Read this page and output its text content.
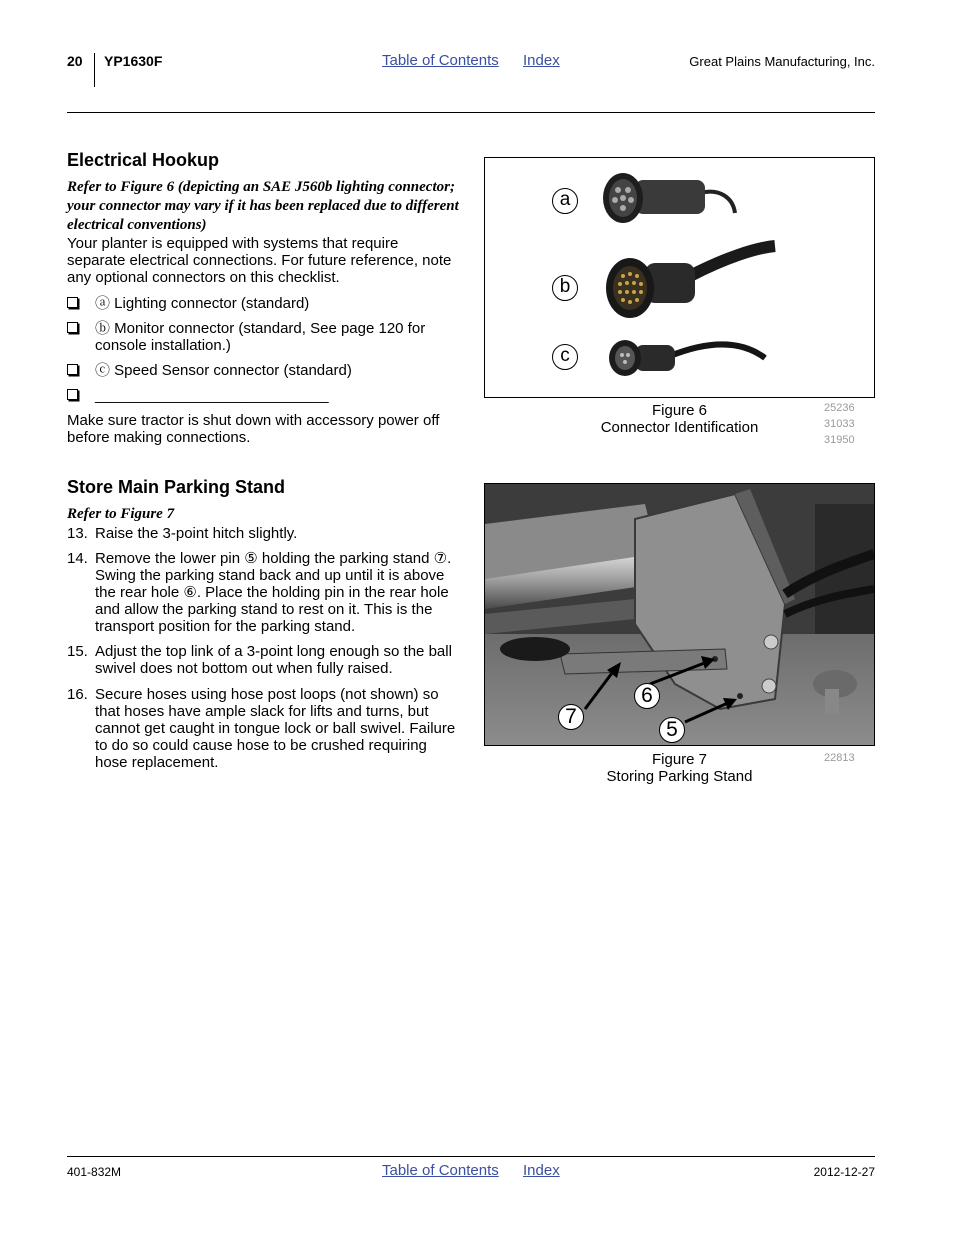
20 YP1630F	Table of Contents Index	Great Plains Manufacturing, Inc.
Electrical Hookup
Refer to Figure 6 (depicting an SAE J560b lighting connector; your connector may vary if it has been replaced due to different electrical conventions)
Your planter is equipped with systems that require separate electrical connections. For future reference, note any optional connectors on this checklist.
ⓐ Lighting connector (standard)
ⓑ Monitor connector (standard, See page 120 for console installation.)
ⓒ Speed Sensor connector (standard)
____________________________
Make sure tractor is shut down with accessory power off before making connections.
a
b
c
Figure 6
Connector Identification
25236
31033
31950
Store Main Parking Stand
Refer to Figure 7
13. Raise the 3-point hitch slightly.
14. Remove the lower pin ⑤ holding the parking stand ⑦. Swing the parking stand back and up until it is above the rear hole ⑥. Place the holding pin in the rear hole and allow the parking stand to rest on it. This is the transport position for the parking stand.
15. Adjust the top link of a 3-point long enough so the ball swivel does not bottom out when fully raised.
16. Secure hoses using hose post loops (not shown) so that hoses have ample slack for lifts and turns, but cannot get caught in tongue lock or ball swivel. Failure to do so could cause hose to be crushed requiring hose replacement.
6
7
5
Figure 7
Storing Parking Stand
22813
401-832M	Table of Contents Index	2012-12-27
